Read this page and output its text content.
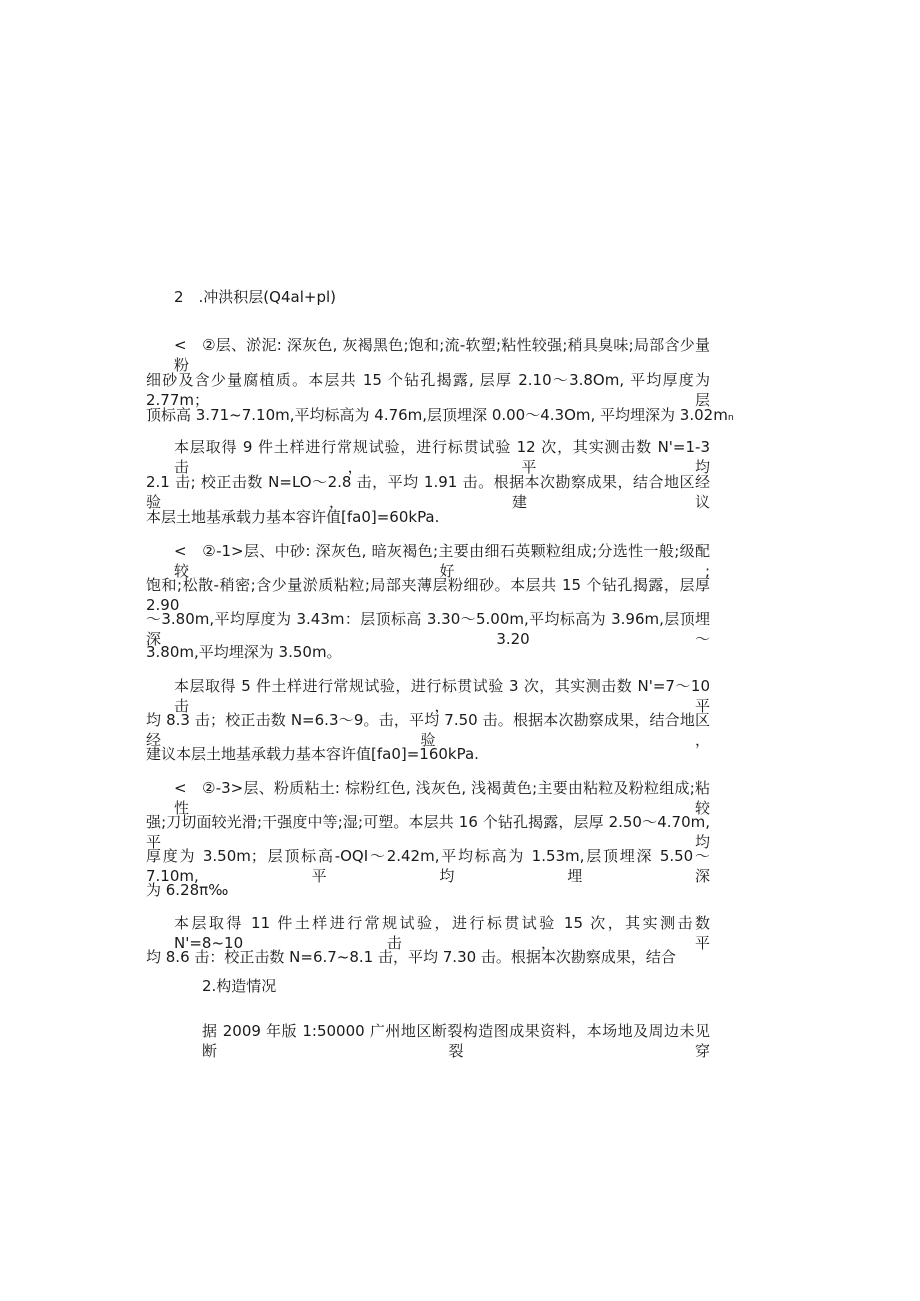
2　.冲洪积层(Q4al+pl)
<　②层、淤泥: 深灰色, 灰褐黑色;饱和;流-软塑;粘性较强;稍具臭味;局部含少量粉
细砂及含少量腐植质。本层共 15 个钻孔揭露, 层厚 2.10～3.8Om, 平均厚度为 2.77m；层
顶标高 3.71~7.10m,平均标高为 4.76m,层顶埋深 0.00～4.3Om, 平均埋深为 3.02mₙ
本层取得 9 件土样进行常规试验，进行标贯试验 12 次，其实测击数 N'=1-3 击，平均
2.1 击; 校正击数 N=LO～2.8 击，平均 1.91 击。根据本次勘察成果，结合地区经验，建议
本层土地基承载力基本容许值[fa0]=60kPa.
<　②-1>层、中砂: 深灰色, 暗灰褐色;主要由细石英颗粒组成;分选性一般;级配较好;
饱和;松散-稍密;含少量淤质粘粒;局部夹薄层粉细砂。本层共 15 个钻孔揭露，层厚 2.90
～3.80m,平均厚度为 3.43m：层顶标高 3.30～5.00m,平均标高为 3.96m,层顶埋深 3.20～
3.80m,平均埋深为 3.50m。
本层取得 5 件土样进行常规试验，进行标贯试验 3 次，其实测击数 N'=7～10 击，平
均 8.3 击；校正击数 N=6.3～9。击，平均 7.50 击。根据本次勘察成果，结合地区经验，
建议本层土地基承载力基本容许值[fa0]=160kPa.
<　②-3>层、粉质粘土: 棕粉红色, 浅灰色, 浅褐黄色;主要由粘粒及粉粒组成;粘性较
强;刀切面较光滑;干强度中等;湿;可塑。本层共 16 个钻孔揭露，层厚 2.50～4.70m,平均
厚度为 3.50m；层顶标高-OQI～2.42m,平均标高为 1.53m,层顶埋深 5.50～7.10m,平均埋深
为 6.28π‰
本层取得 11 件土样进行常规试验，进行标贯试验 15 次，其实测击数 N'=8~10 击，平
均 8.6 击：校正击数 N=6.7~8.1 击，平均 7.30 击。根据本次勘察成果，结合
2.构造情况
据 2009 年版 1:50000 广州地区断裂构造图成果资料，本场地及周边未见断裂穿
